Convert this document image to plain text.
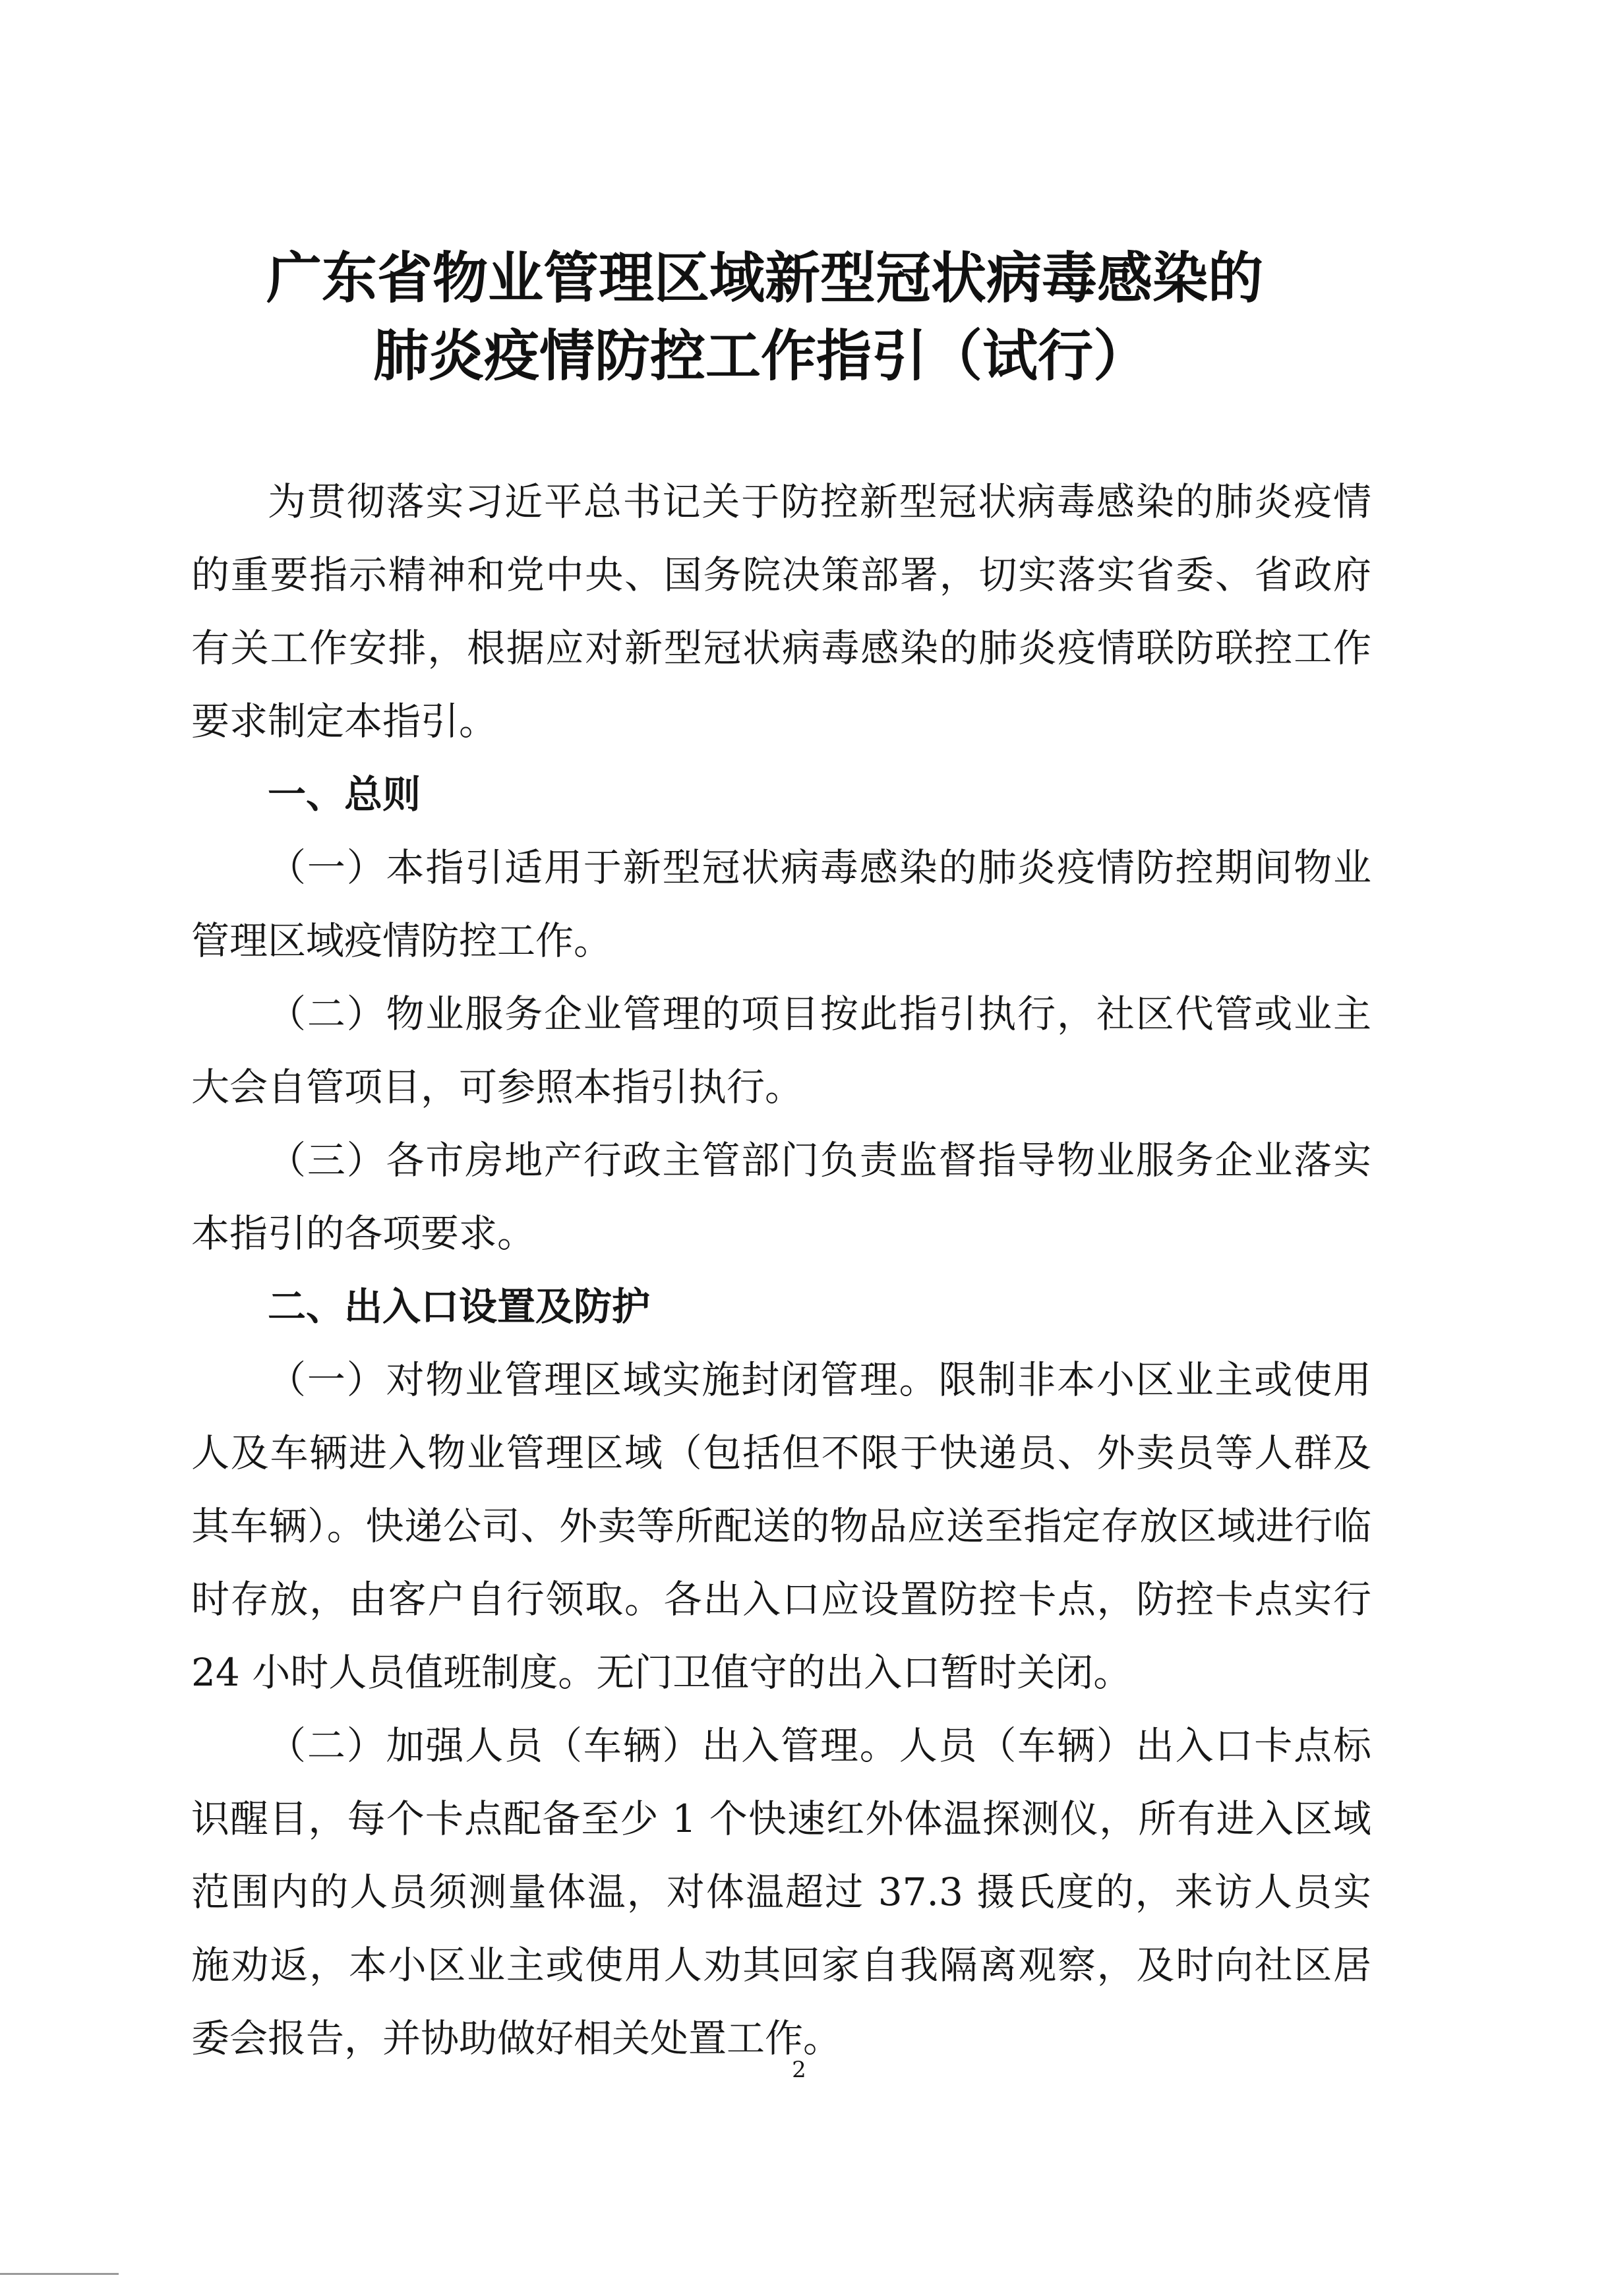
广东省物业管理区域新型冠状病毒感染的
肺炎疫情防控工作指引（试行）

为贯彻落实习近平总书记关于防控新型冠状病毒感染的肺炎疫情的重要指示精神和党中央、国务院决策部署，切实落实省委、省政府有关工作安排，根据应对新型冠状病毒感染的肺炎疫情联防联控工作要求制定本指引。

一、总则

（一）本指引适用于新型冠状病毒感染的肺炎疫情防控期间物业管理区域疫情防控工作。

（二）物业服务企业管理的项目按此指引执行，社区代管或业主大会自管项目，可参照本指引执行。

（三）各市房地产行政主管部门负责监督指导物业服务企业落实本指引的各项要求。

二、出入口设置及防护

（一）对物业管理区域实施封闭管理。限制非本小区业主或使用人及车辆进入物业管理区域（包括但不限于快递员、外卖员等人群及其车辆）。快递公司、外卖等所配送的物品应送至指定存放区域进行临时存放，由客户自行领取。各出入口应设置防控卡点，防控卡点实行 24 小时人员值班制度。无门卫值守的出入口暂时关闭。

（二）加强人员（车辆）出入管理。人员（车辆）出入口卡点标识醒目，每个卡点配备至少 1 个快速红外体温探测仪，所有进入区域范围内的人员须测量体温，对体温超过 37.3 摄氏度的，来访人员实施劝返，本小区业主或使用人劝其回家自我隔离观察，及时向社区居委会报告，并协助做好相关处置工作。

2
